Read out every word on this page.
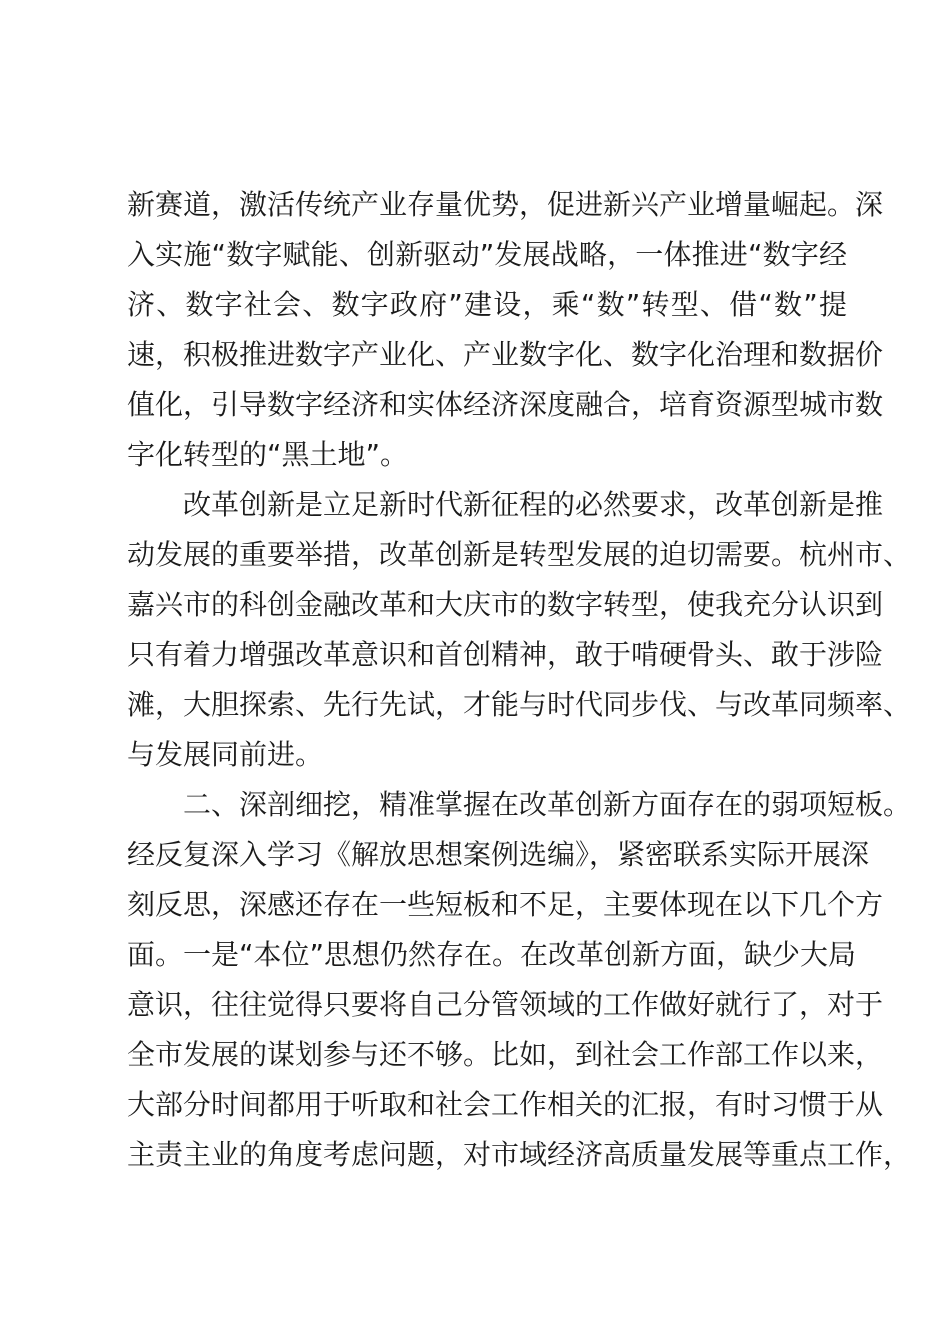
新赛道，激活传统产业存量优势，促进新兴产业增量崛起。深
入实施“数字赋能、创新驱动”发展战略，一体推进“数字经
济、数字社会、数字政府”建设，乘“数”转型、借“数”提
速，积极推进数字产业化、产业数字化、数字化治理和数据价
值化，引导数字经济和实体经济深度融合，培育资源型城市数
字化转型的“黑土地”。
改革创新是立足新时代新征程的必然要求，改革创新是推
动发展的重要举措，改革创新是转型发展的迫切需要。杭州市、
嘉兴市的科创金融改革和大庆市的数字转型，使我充分认识到
只有着力增强改革意识和首创精神，敢于啃硬骨头、敢于涉险
滩，大胆探索、先行先试，才能与时代同步伐、与改革同频率、
与发展同前进。
二、深剖细挖，精准掌握在改革创新方面存在的弱项短板。
经反复深入学习《解放思想案例选编》，紧密联系实际开展深
刻反思，深感还存在一些短板和不足，主要体现在以下几个方
面。一是“本位”思想仍然存在。在改革创新方面，缺少大局
意识，往往觉得只要将自己分管领域的工作做好就行了，对于
全市发展的谋划参与还不够。比如，到社会工作部工作以来，
大部分时间都用于听取和社会工作相关的汇报，有时习惯于从
主责主业的角度考虑问题，对市域经济高质量发展等重点工作，
